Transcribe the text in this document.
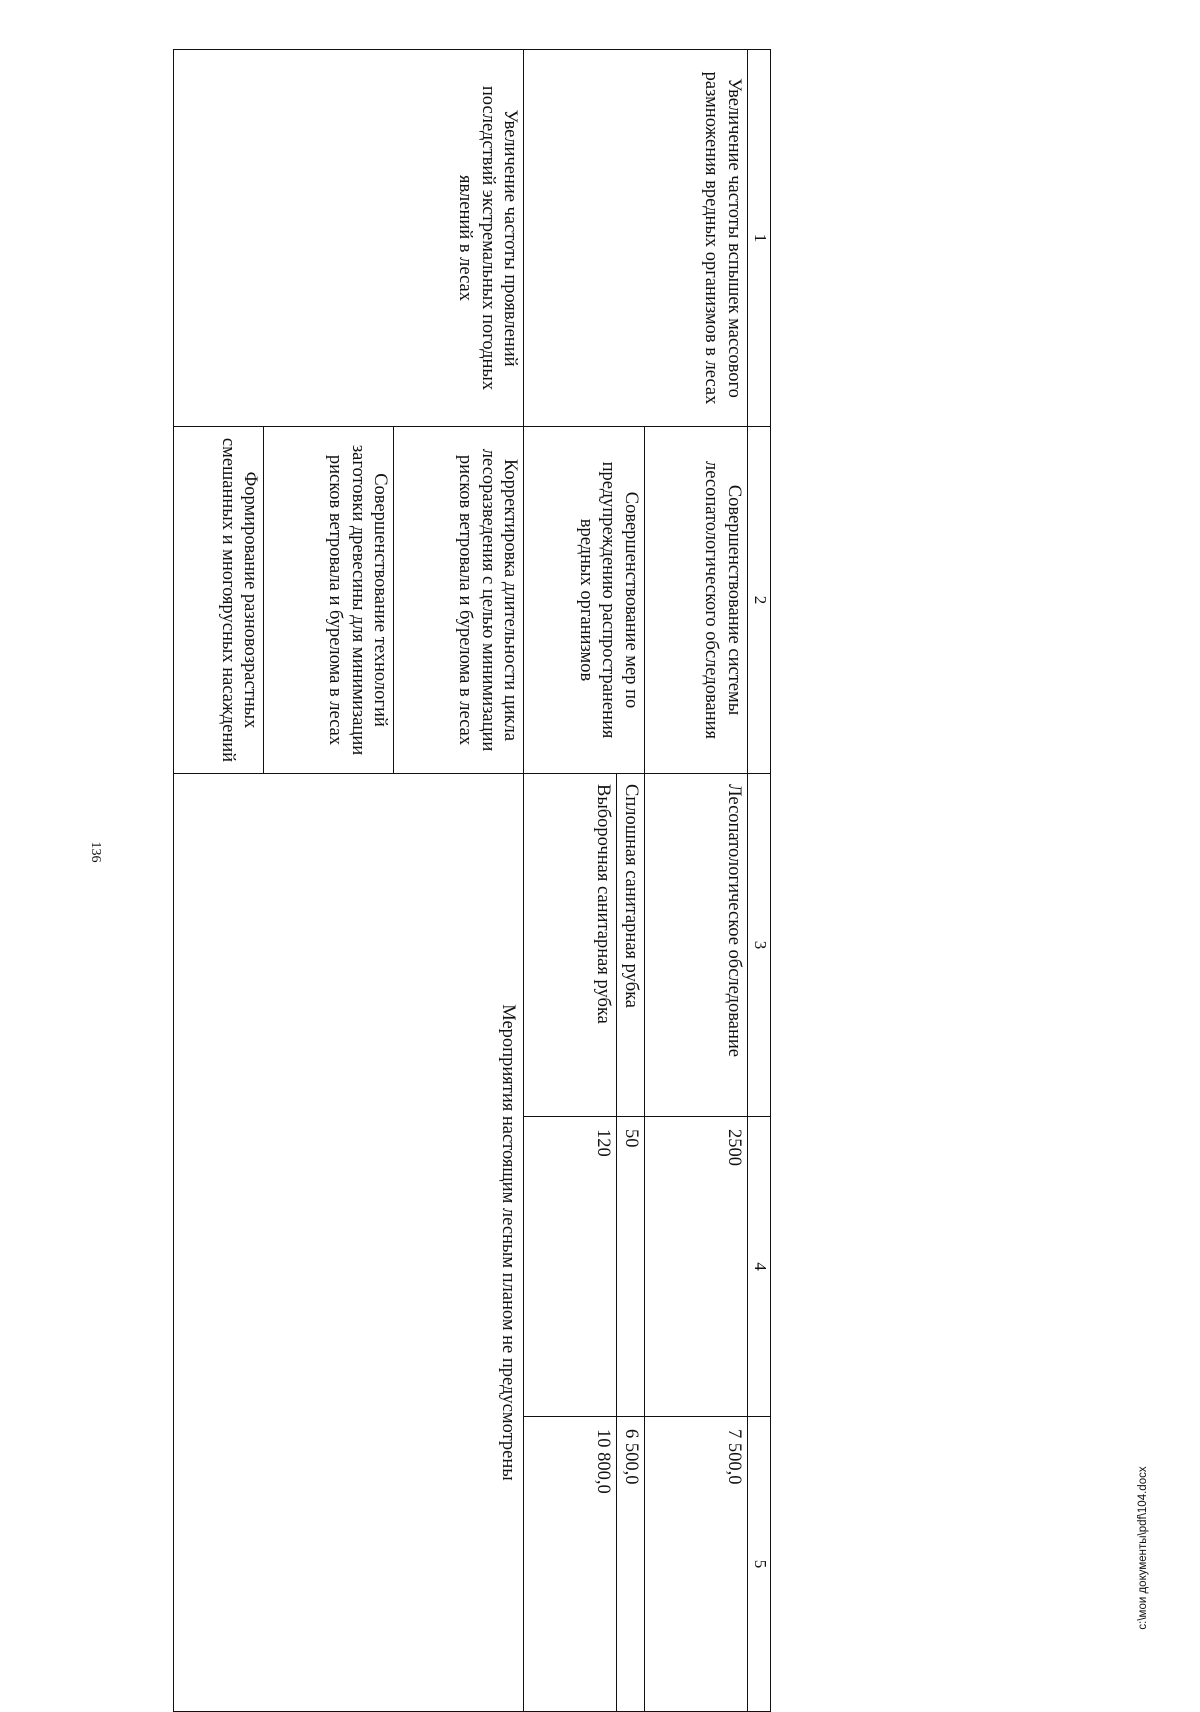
136
1	2	3	4	5
Увеличение частоты вспышек массового размножения вредных организмов в лесах	Совершенствование системы лесопатологического обследования	Лесопатологическое обследование	2500	7 500,0
	Совершенствование мер по предупреждению распространения вредных организмов	Сплошная санитарная рубка	50	6 500,0
		Выборочная санитарная рубка	120	10 800,0
Увеличение частоты проявлений последствий экстремальных погодных явлений в лесах	Корректировка длительности цикла лесоразведения с целью минимизации рисков ветровала и бурелома в лесах	Мероприятия настоящим лесным планом не предусмотрены		
	Совершенствование технологий заготовки древесины для минимизации рисков ветровала и бурелома в лесах			
	Формирование разновозрастных смешанных и многоярусных насаждений			
c:\мои документы\pdf\104.docx
